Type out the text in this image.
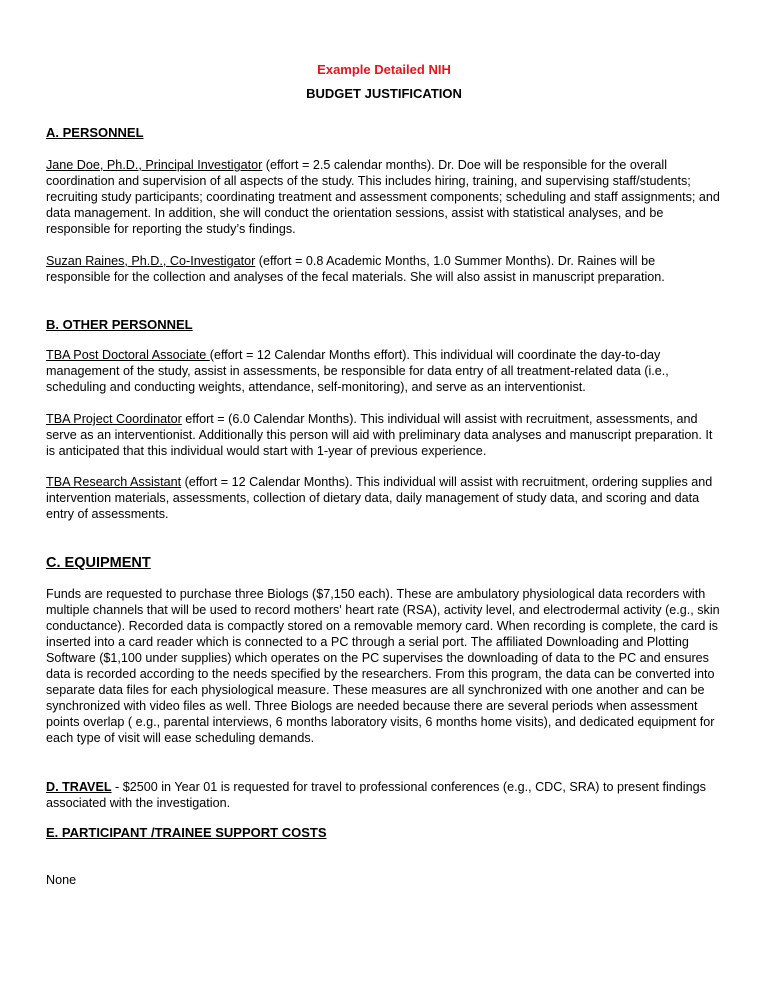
Example Detailed NIH
BUDGET JUSTIFICATION
A. PERSONNEL

Jane Doe, Ph.D., Principal Investigator (effort = 2.5 calendar months). Dr. Doe will be responsible for the overall coordination and supervision of all aspects of the study. This includes hiring, training, and supervising staff/students; recruiting study participants; coordinating treatment and assessment components; scheduling and staff assignments; and data management. In addition, she will conduct the orientation sessions, assist with statistical analyses, and be responsible for reporting the study’s findings.

Suzan Raines, Ph.D., Co-Investigator (effort = 0.8 Academic Months, 1.0 Summer Months). Dr. Raines will be responsible for the collection and analyses of the fecal materials. She will also assist in manuscript preparation.

B. OTHER PERSONNEL

TBA Post Doctoral Associate (effort = 12 Calendar Months effort). This individual will coordinate the day-to-day management of the study, assist in assessments, be responsible for data entry of all treatment-related data (i.e., scheduling and conducting weights, attendance, self-monitoring), and serve as an interventionist.

TBA Project Coordinator effort = (6.0 Calendar Months). This individual will assist with recruitment, assessments, and serve as an interventionist. Additionally this person will aid with preliminary data analyses and manuscript preparation. It is anticipated that this individual would start with 1-year of previous experience.

TBA Research Assistant (effort = 12 Calendar Months). This individual will assist with recruitment, ordering supplies and intervention materials, assessments, collection of dietary data, daily management of study data, and scoring and data entry of assessments.

C. EQUIPMENT

Funds are requested to purchase three Biologs ($7,150 each). These are ambulatory physiological data recorders with multiple channels that will be used to record mothers' heart rate (RSA), activity level, and electrodermal activity (e.g., skin conductance). Recorded data is compactly stored on a removable memory card. When recording is complete, the card is inserted into a card reader which is connected to a PC through a serial port. The affiliated Downloading and Plotting Software ($1,100 under supplies) which operates on the PC supervises the downloading of data to the PC and ensures data is recorded according to the needs specified by the researchers. From this program, the data can be converted into separate data files for each physiological measure. These measures are all synchronized with one another and can be synchronized with video files as well. Three Biologs are needed because there are several periods when assessment points overlap ( e.g., parental interviews, 6 months laboratory visits, 6 months home visits), and dedicated equipment for each type of visit will ease scheduling demands.

D. TRAVEL - $2500 in Year 01 is requested for travel to professional conferences (e.g., CDC, SRA) to present findings associated with the investigation.

E. PARTICIPANT /TRAINEE SUPPORT COSTS

None
